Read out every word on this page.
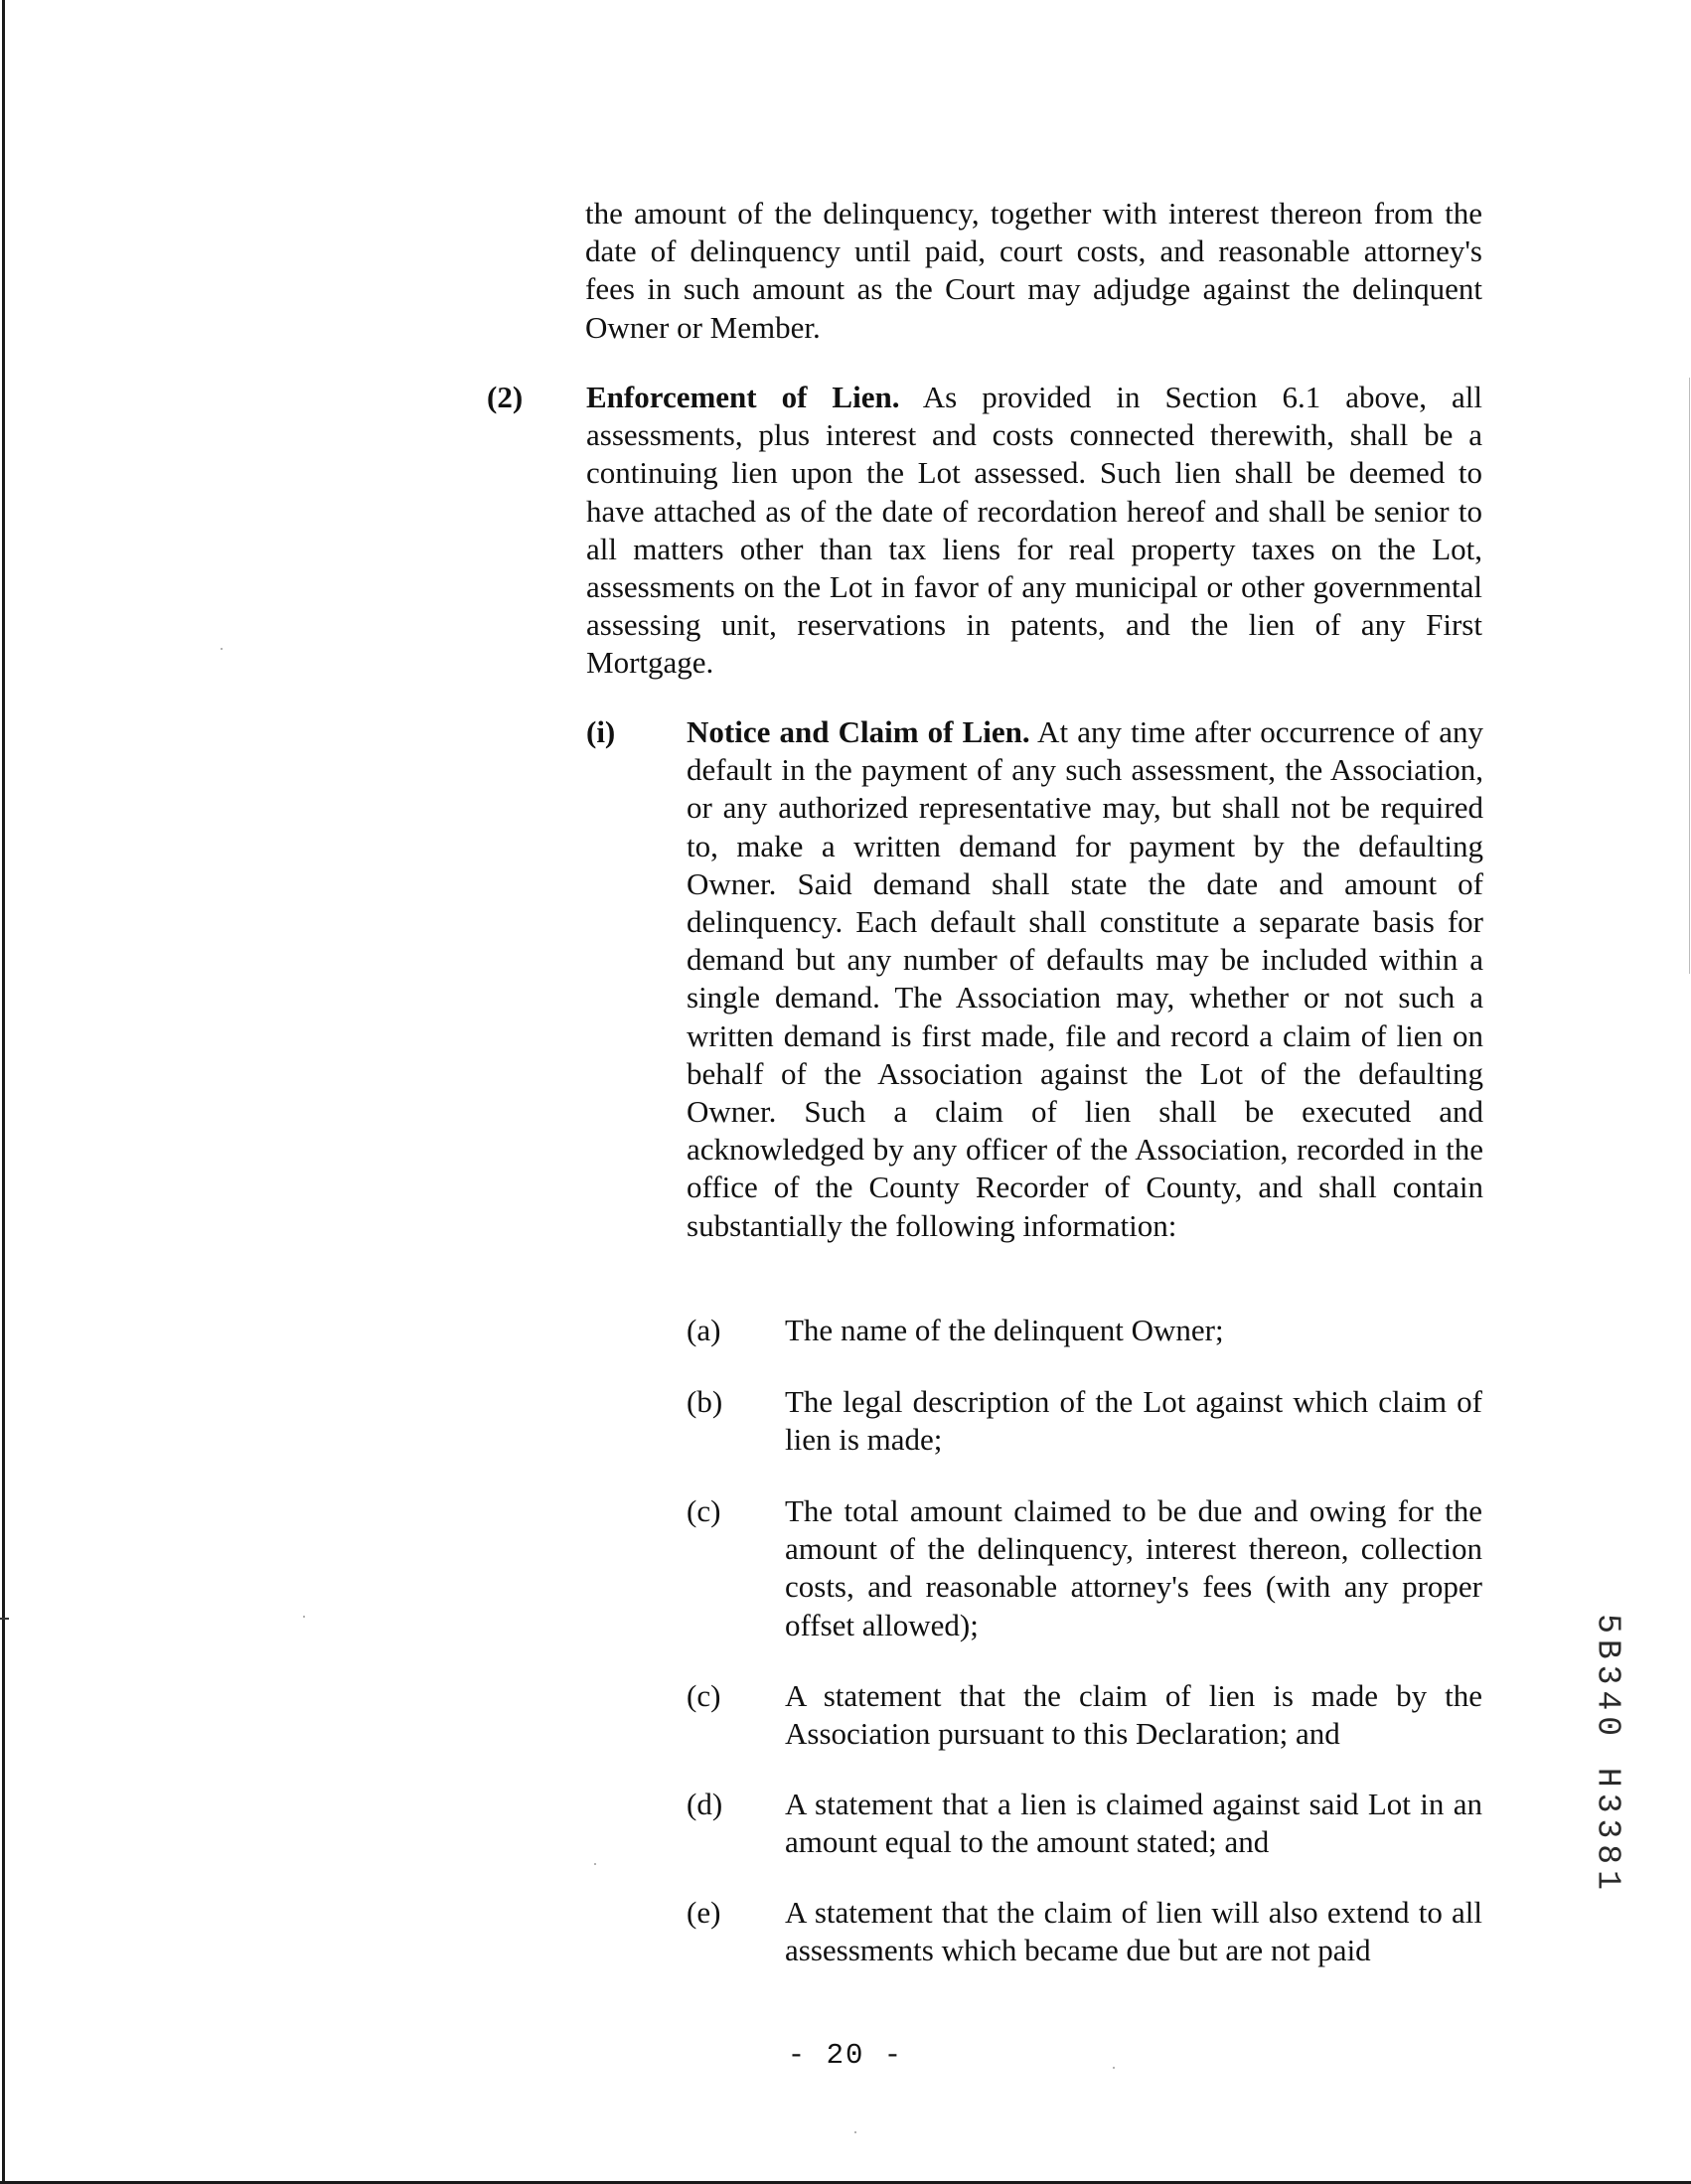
the amount of the delinquency, together with interest thereon from the date of delinquency until paid, court costs, and reasonable attorney's fees in such amount as the Court may adjudge against the delinquent Owner or Member.

(2) Enforcement of Lien. As provided in Section 6.1 above, all assessments, plus interest and costs connected therewith, shall be a continuing lien upon the Lot assessed. Such lien shall be deemed to have attached as of the date of recordation hereof and shall be senior to all matters other than tax liens for real property taxes on the Lot, assessments on the Lot in favor of any municipal or other governmental assessing unit, reservations in patents, and the lien of any First Mortgage.

(i) Notice and Claim of Lien. At any time after occurrence of any default in the payment of any such assessment, the Association, or any authorized representative may, but shall not be required to, make a written demand for payment by the defaulting Owner. Said demand shall state the date and amount of delinquency. Each default shall constitute a separate basis for demand but any number of defaults may be included within a single demand. The Association may, whether or not such a written demand is first made, file and record a claim of lien on behalf of the Association against the Lot of the defaulting Owner. Such a claim of lien shall be executed and acknowledged by any officer of the Association, recorded in the office of the County Recorder of County, and shall contain substantially the following information:

(a) The name of the delinquent Owner;

(b) The legal description of the Lot against which claim of lien is made;

(c) The total amount claimed to be due and owing for the amount of the delinquency, interest thereon, collection costs, and reasonable attorney's fees (with any proper offset allowed);

(c) A statement that the claim of lien is made by the Association pursuant to this Declaration; and

(d) A statement that a lien is claimed against said Lot in an amount equal to the amount stated; and

(e) A statement that the claim of lien will also extend to all assessments which became due but are not paid

- 20 -
5B340 H3381
